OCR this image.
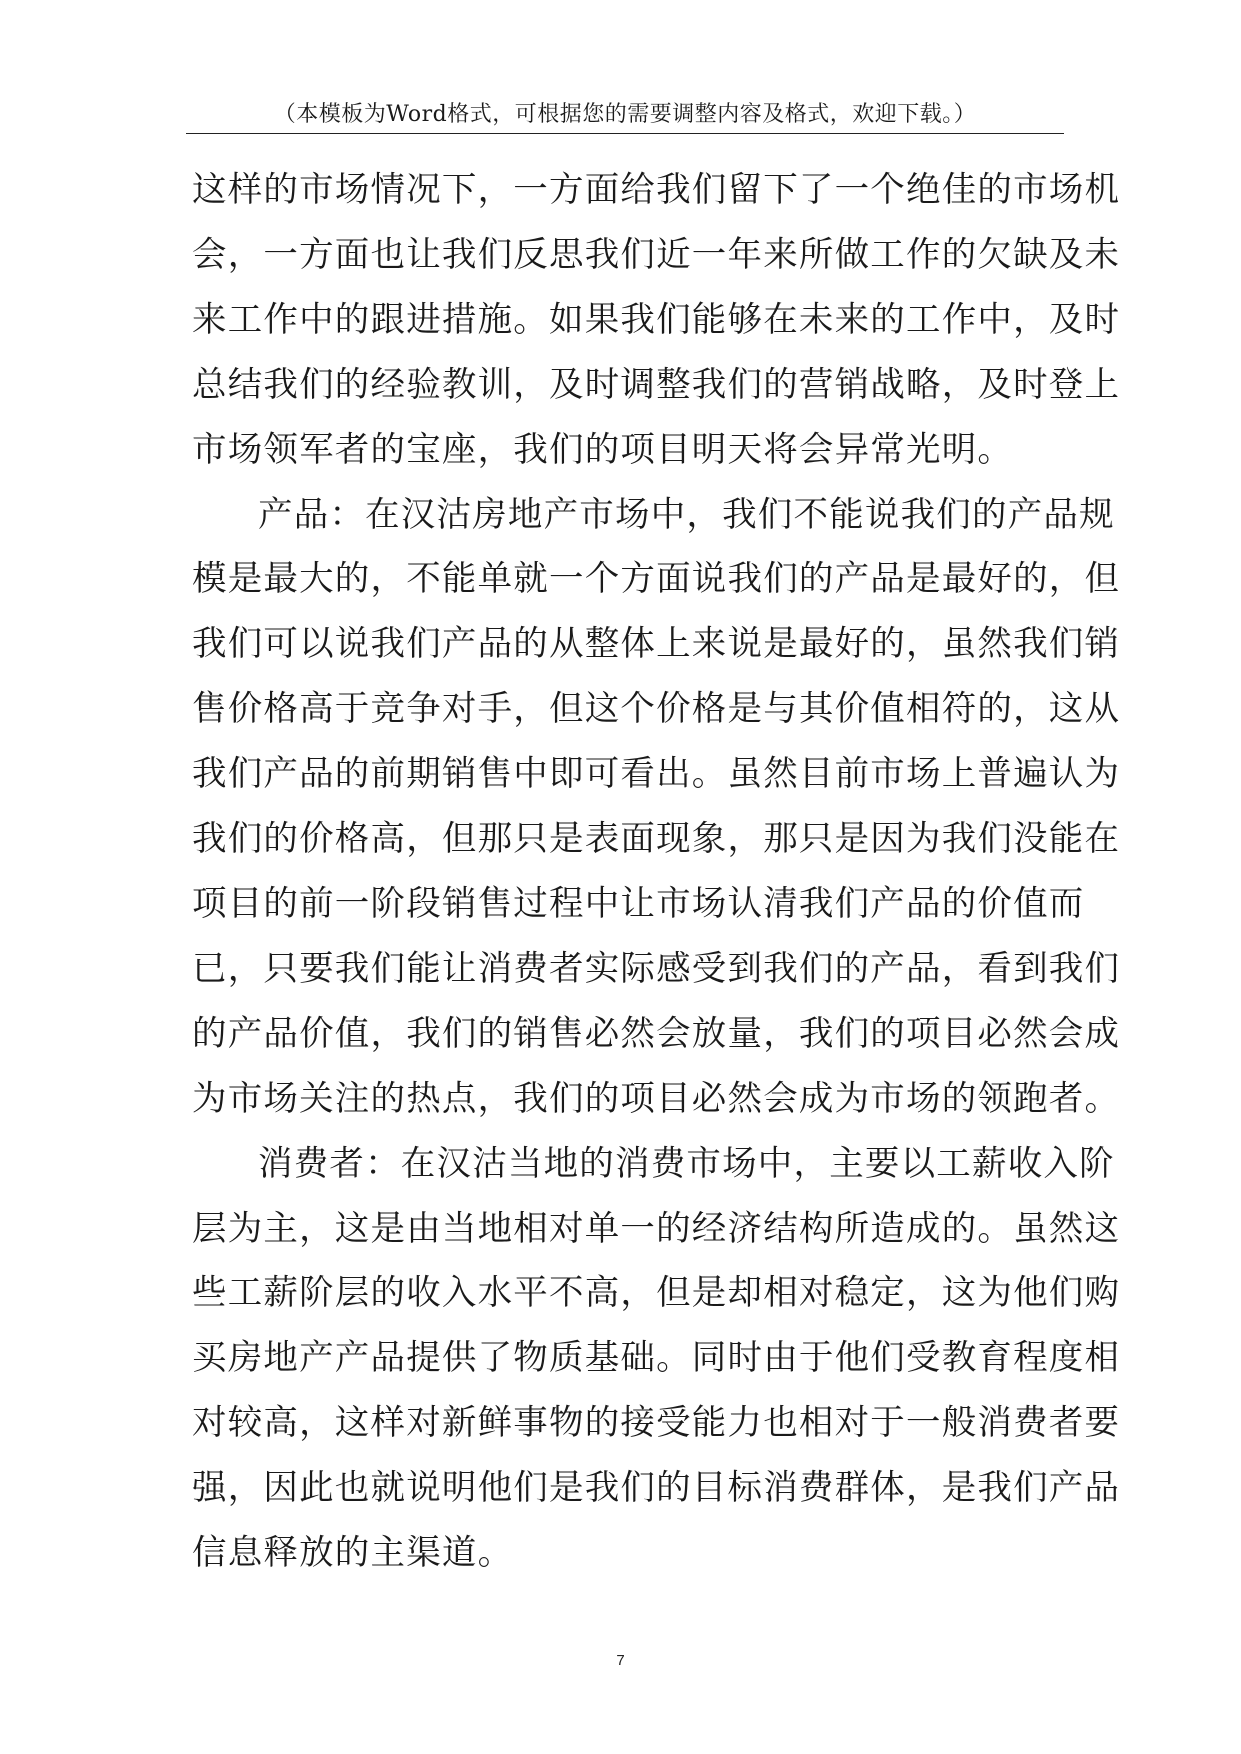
（本模板为Word格式，可根据您的需要调整内容及格式，欢迎下载。）

这样的市场情况下，一方面给我们留下了一个绝佳的市场机
会，一方面也让我们反思我们近一年来所做工作的欠缺及未
来工作中的跟进措施。如果我们能够在未来的工作中，及时
总结我们的经验教训，及时调整我们的营销战略，及时登上
市场领军者的宝座，我们的项目明天将会异常光明。

产品：在汉沽房地产市场中，我们不能说我们的产品规
模是最大的，不能单就一个方面说我们的产品是最好的，但
我们可以说我们产品的从整体上来说是最好的，虽然我们销
售价格高于竞争对手，但这个价格是与其价值相符的，这从
我们产品的前期销售中即可看出。虽然目前市场上普遍认为
我们的价格高，但那只是表面现象，那只是因为我们没能在
项目的前一阶段销售过程中让市场认清我们产品的价值而
已，只要我们能让消费者实际感受到我们的产品，看到我们
的产品价值，我们的销售必然会放量，我们的项目必然会成
为市场关注的热点，我们的项目必然会成为市场的领跑者。

消费者：在汉沽当地的消费市场中，主要以工薪收入阶
层为主，这是由当地相对单一的经济结构所造成的。虽然这
些工薪阶层的收入水平不高，但是却相对稳定，这为他们购
买房地产产品提供了物质基础。同时由于他们受教育程度相
对较高，这样对新鲜事物的接受能力也相对于一般消费者要
强，因此也就说明他们是我们的目标消费群体，是我们产品
信息释放的主渠道。

7
